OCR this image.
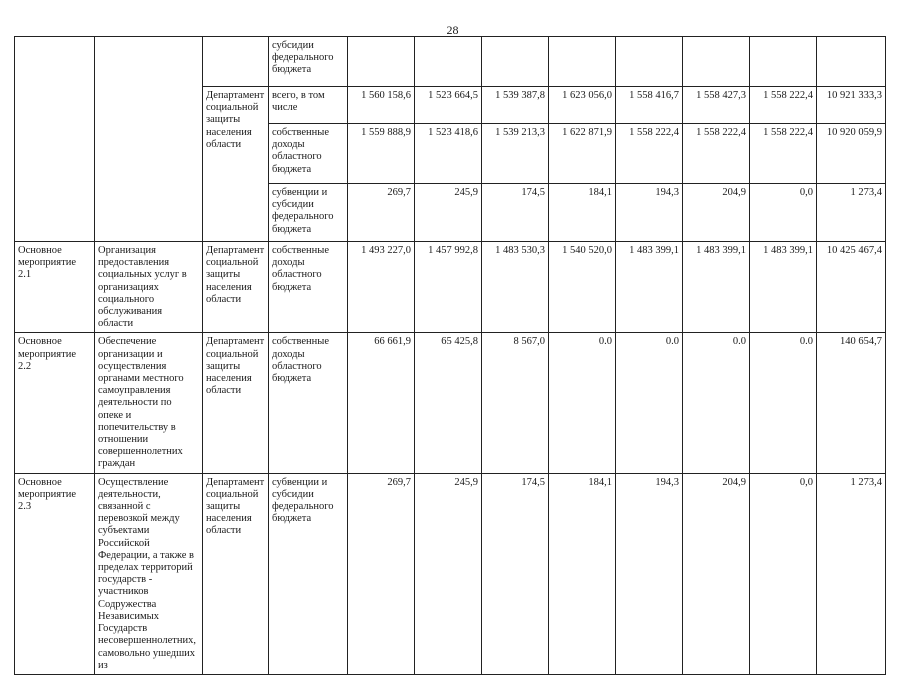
28
			субсидии федерального бюджета								
		Департамент социальной защиты населения области	всего, в том числе	1 560 158,6	1 523 664,5	1 539 387,8	1 623 056,0	1 558 416,7	1 558 427,3	1 558 222,4	10 921 333,3
			собственные доходы областного бюджета	1 559 888,9	1 523 418,6	1 539 213,3	1 622 871,9	1 558 222,4	1 558 222,4	1 558 222,4	10 920 059,9
			субвенции и субсидии федерального бюджета	269,7	245,9	174,5	184,1	194,3	204,9	0,0	1 273,4
Основное мероприятие 2.1	Организация предоставления социальных услуг в организациях социального обслуживания области	Департамент социальной защиты населения области	собственные доходы областного бюджета	1 493 227,0	1 457 992,8	1 483 530,3	1 540 520,0	1 483 399,1	1 483 399,1	1 483 399,1	10 425 467,4
Основное мероприятие 2.2	Обеспечение организации и осуществления органами местного самоуправления деятельности по опеке и попечительству в отношении совершеннолетних граждан	Департамент социальной защиты населения области	собственные доходы областного бюджета	66 661,9	65 425,8	8 567,0	0.0	0.0	0.0	0.0	140 654,7
Основное мероприятие 2.3	Осуществление деятельности, связанной с перевозкой между субъектами Российской Федерации, а также в пределах территорий государств - участников Содружества Независимых Государств несовершеннолетних, самовольно ушедших из	Департамент социальной защиты населения области	субвенции и субсидии федерального бюджета	269,7	245,9	174,5	184,1	194,3	204,9	0,0	1 273,4
